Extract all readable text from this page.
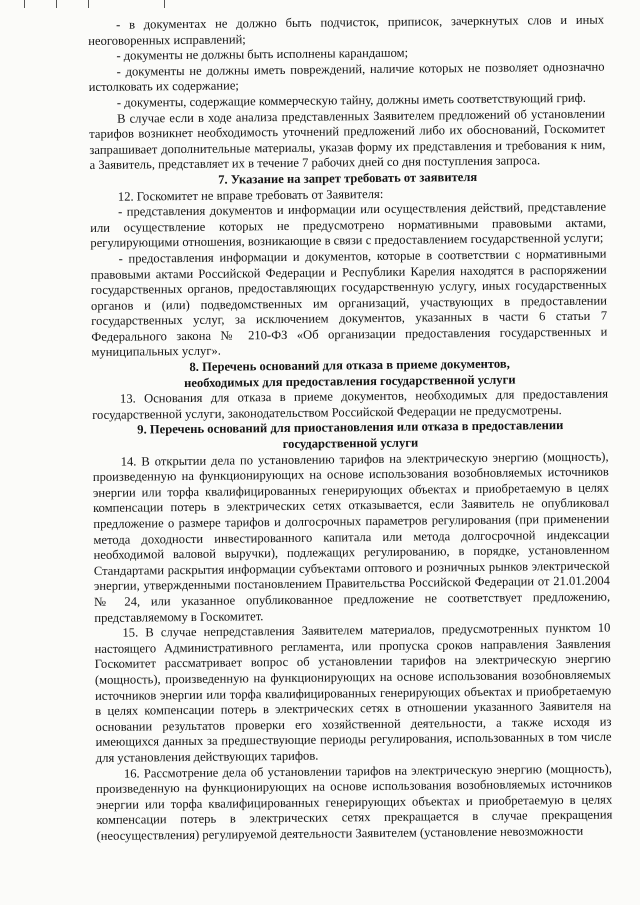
- в документах не должно быть подчисток, приписок, зачеркнутых слов и иных неоговоренных исправлений;

- документы не должны быть исполнены карандашом;

- документы не должны иметь повреждений, наличие которых не позволяет однозначно истолковать их содержание;

- документы, содержащие коммерческую тайну, должны иметь соответствующий гриф.

В случае если в ходе анализа представленных Заявителем предложений об установлении тарифов возникнет необходимость уточнений предложений либо их обоснований, Госкомитет запрашивает дополнительные материалы, указав форму их представления и требования к ним, а Заявитель, представляет их в течение 7 рабочих дней со дня поступления запроса.

7. Указание на запрет требовать от заявителя

12. Госкомитет не вправе требовать от Заявителя:

- представления документов и информации или осуществления действий, представление или осуществление которых не предусмотрено нормативными правовыми актами, регулирующими отношения, возникающие в связи с предоставлением государственной услуги;

- предоставления информации и документов, которые в соответствии с нормативными правовыми актами Российской Федерации и Республики Карелия находятся в распоряжении государственных органов, предоставляющих государственную услугу, иных государственных органов и (или) подведомственных им организаций, участвующих в предоставлении государственных услуг, за исключением документов, указанных в части 6 статьи 7 Федерального закона № 210-ФЗ «Об организации предоставления государственных и муниципальных услуг».

8. Перечень оснований для отказа в приеме документов,

необходимых для предоставления государственной услуги

13. Основания для отказа в приеме документов, необходимых для предоставления государственной услуги, законодательством Российской Федерации не предусмотрены.

9. Перечень оснований для приостановления или отказа в предоставлении

государственной услуги

14. В открытии дела по установлению тарифов на электрическую энергию (мощность), произведенную на функционирующих на основе использования возобновляемых источников энергии или торфа квалифицированных генерирующих объектах и приобретаемую в целях компенсации потерь в электрических сетях отказывается, если Заявитель не опубликовал предложение о размере тарифов и долгосрочных параметров регулирования (при применении метода доходности инвестированного капитала или метода долгосрочной индексации необходимой валовой выручки), подлежащих регулированию, в порядке, установленном Стандартами раскрытия информации субъектами оптового и розничных рынков электрической энергии, утвержденными постановлением Правительства Российской Федерации от 21.01.2004 № 24, или указанное опубликованное предложение не соответствует предложению, представляемому в Госкомитет.

15. В случае непредставления Заявителем материалов, предусмотренных пунктом 10 настоящего Административного регламента, или пропуска сроков направления Заявления Госкомитет рассматривает вопрос об установлении тарифов на электрическую энергию (мощность), произведенную на функционирующих на основе использования возобновляемых источников энергии или торфа квалифицированных генерирующих объектах и приобретаемую в целях компенсации потерь в электрических сетях в отношении указанного Заявителя на основании результатов проверки его хозяйственной деятельности, а также исходя из имеющихся данных за предшествующие периоды регулирования, использованных в том числе для установления действующих тарифов.

16. Рассмотрение дела об установлении тарифов на электрическую энергию (мощность), произведенную на функционирующих на основе использования возобновляемых источников энергии или торфа квалифицированных генерирующих объектах и приобретаемую в целях компенсации потерь в электрических сетях прекращается в случае прекращения (неосуществления) регулируемой деятельности Заявителем (установление невозможности
